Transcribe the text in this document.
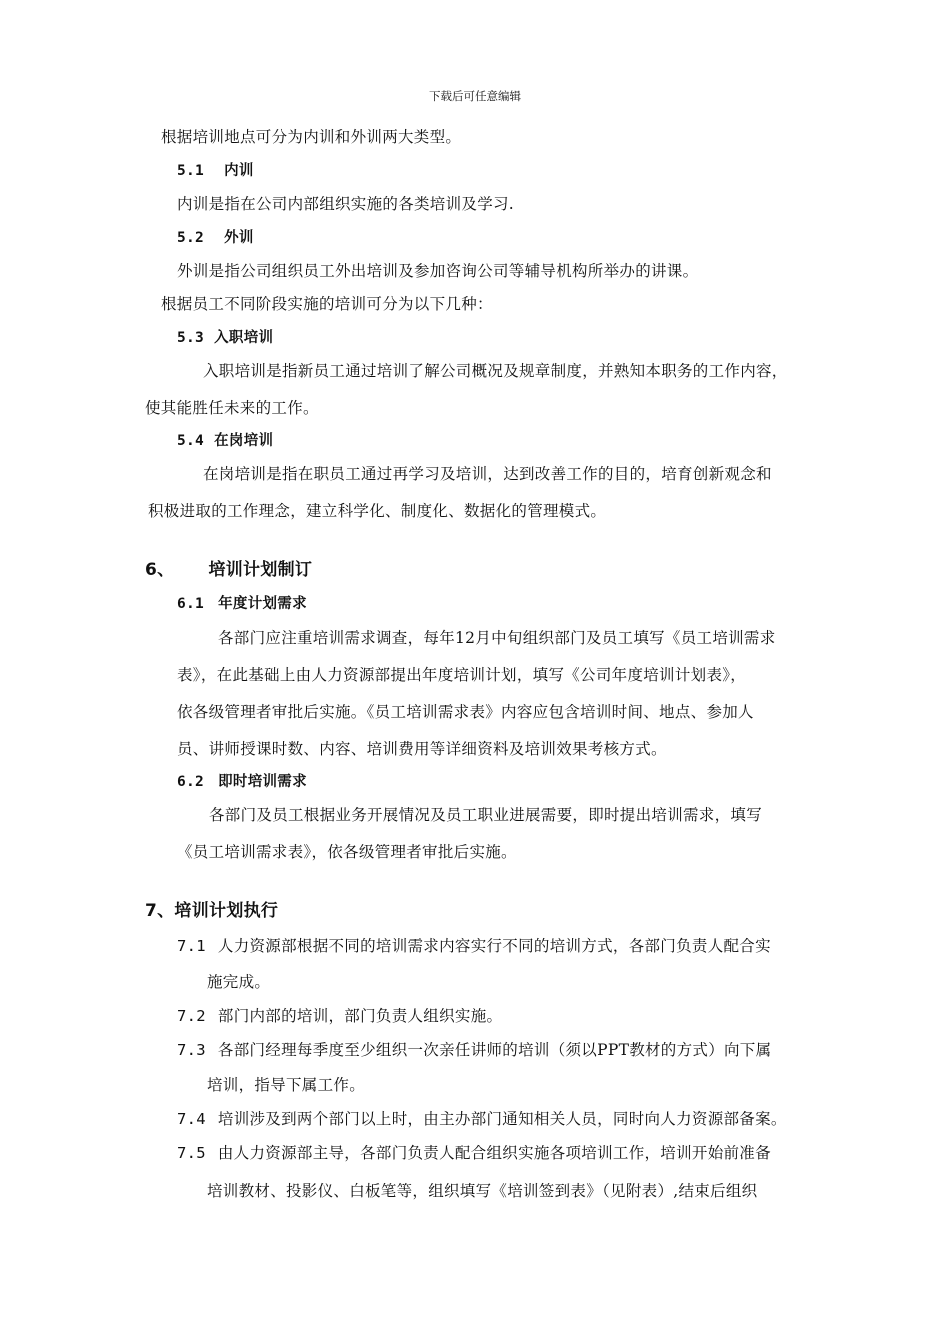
下载后可任意编辑
根据培训地点可分为内训和外训两大类型。
5.1 内训
内训是指在公司内部组织实施的各类培训及学习.
5.2 外训
外训是指公司组织员工外出培训及参加咨询公司等辅导机构所举办的讲课。
根据员工不同阶段实施的培训可分为以下几种：
5.3 入职培训
入职培训是指新员工通过培训了解公司概况及规章制度，并熟知本职务的工作内容，
使其能胜任未来的工作。
5.4 在岗培训
在岗培训是指在职员工通过再学习及培训，达到改善工作的目的，培育创新观念和
积极进取的工作理念，建立科学化、制度化、数据化的管理模式。
6、 培训计划制订
6.1 年度计划需求
各部门应注重培训需求调查，每年12月中旬组织部门及员工填写《员工培训需求
表》，在此基础上由人力资源部提出年度培训计划，填写《公司年度培训计划表》，
依各级管理者审批后实施。《员工培训需求表》内容应包含培训时间、地点、参加人
员、讲师授课时数、内容、培训费用等详细资料及培训效果考核方式。
6.2 即时培训需求
各部门及员工根据业务开展情况及员工职业进展需要，即时提出培训需求，填写
《员工培训需求表》，依各级管理者审批后实施。
7、培训计划执行
7.1 人力资源部根据不同的培训需求内容实行不同的培训方式，各部门负责人配合实
施完成。
7.2 部门内部的培训，部门负责人组织实施。
7.3 各部门经理每季度至少组织一次亲任讲师的培训（须以PPT教材的方式）向下属
培训，指导下属工作。
7.4 培训涉及到两个部门以上时，由主办部门通知相关人员，同时向人力资源部备案。
7.5 由人力资源部主导，各部门负责人配合组织实施各项培训工作，培训开始前准备
培训教材、投影仪、白板笔等，组织填写《培训签到表》（见附表）,结束后组织
